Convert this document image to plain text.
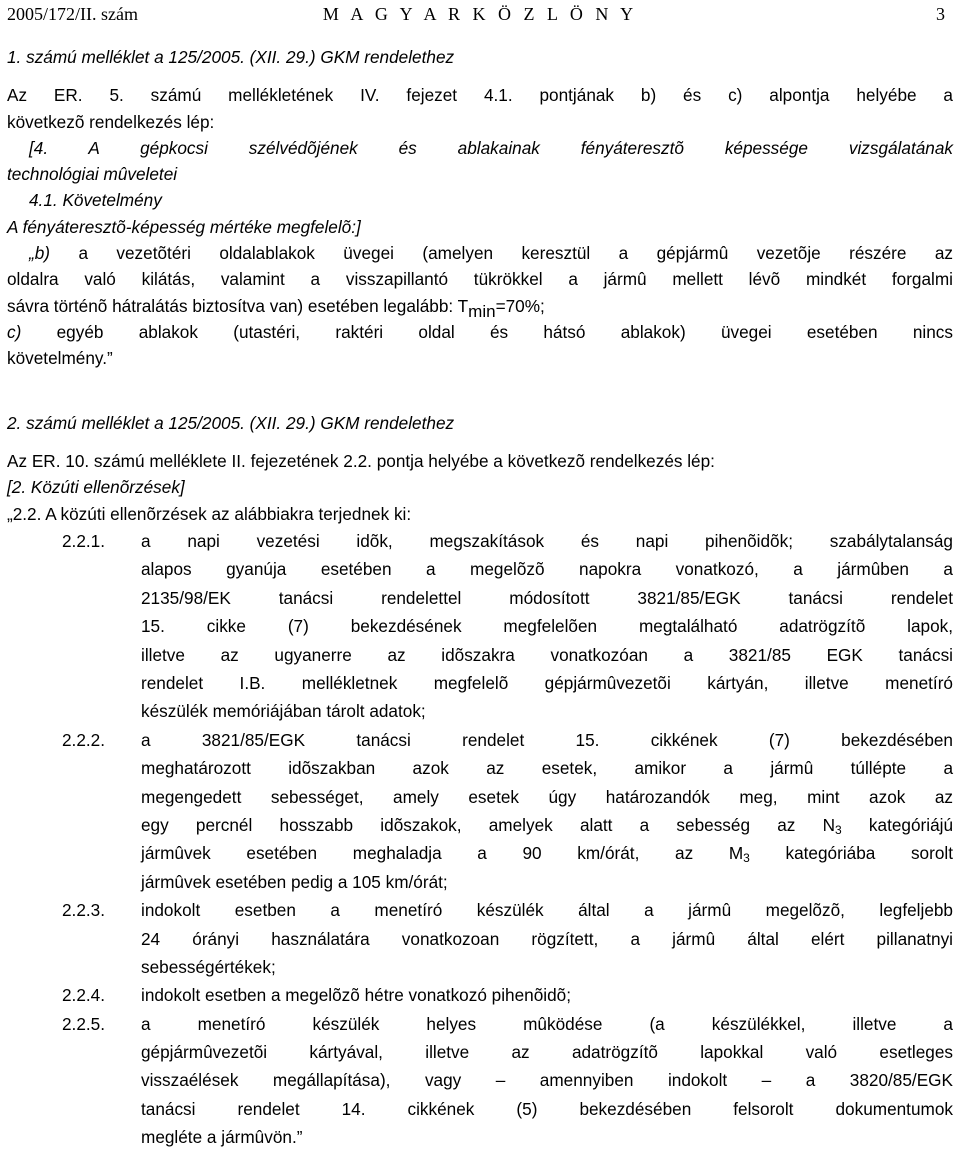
2005/172/II. szám	M A G Y A R K Ö Z L Ö N Y	3
1. számú melléklet a 125/2005. (XII. 29.) GKM rendelethez
Az ER. 5. számú mellékletének IV. fejezet 4.1. pontjának b) és c) alpontja helyébe a
következõ rendelkezés lép:
[4. A gépkocsi szélvédõjének és ablakainak fényáteresztõ képessége vizsgálatának
technológiai mûveletei
4.1. Követelmény
A fényáteresztõ-képesség mértéke megfelelõ:]
„b) a vezetõtéri oldalablakok üvegei (amelyen keresztül a gépjármû vezetõje részére az
oldalra való kilátás, valamint a visszapillantó tükrökkel a jármû mellett lévõ mindkét forgalmi
sávra történõ hátralátás biztosítva van) esetében legalább: $T_{min}=70\%$;
c) egyéb ablakok (utastéri, raktéri oldal és hátsó ablakok) üvegei esetében nincs
követelmény.”
2. számú melléklet a 125/2005. (XII. 29.) GKM rendelethez
Az ER. 10. számú melléklete II. fejezetének 2.2. pontja helyébe a következõ rendelkezés lép:
[2. Közúti ellenõrzések]
„2.2. A közúti ellenõrzések az alábbiakra terjednek ki:
2.2.1. a napi vezetési idõk, megszakítások és napi pihenõidõk; szabálytalanság
alapos gyanúja esetében a megelõzõ napokra vonatkozó, a jármûben a
2135/98/EK tanácsi rendelettel módosított 3821/85/EGK tanácsi rendelet
15. cikke (7) bekezdésének megfelelõen megtalálható adatrögzítõ lapok,
illetve az ugyanerre az idõszakra vonatkozóan a 3821/85 EGK tanácsi
rendelet I.B. mellékletnek megfelelõ gépjármûvezetõi kártyán, illetve menetíró
készülék memóriájában tárolt adatok;
2.2.2. a 3821/85/EGK tanácsi rendelet 15. cikkének (7) bekezdésében
meghatározott idõszakban azok az esetek, amikor a jármû túllépte a
megengedett sebességet, amely esetek úgy határozandók meg, mint azok az
egy percnél hosszabb idõszakok, amelyek alatt a sebesség az $N_3$ kategóriájú
jármûvek esetében meghaladja a 90 km/órát, az $M_3$ kategóriába sorolt
jármûvek esetében pedig a 105 km/órát;
2.2.3. indokolt esetben a menetíró készülék által a jármû megelõzõ, legfeljebb
24 órányi használatára vonatkozoan rögzített, a jármû által elért pillanatnyi
sebességértékek;
2.2.4. indokolt esetben a megelõzõ hétre vonatkozó pihenõidõ;
2.2.5. a menetíró készülék helyes mûködése (a készülékkel, illetve a
gépjármûvezetõi kártyával, illetve az adatrögzítõ lapokkal való esetleges
visszaélések megállapítása), vagy – amennyiben indokolt – a 3820/85/EGK
tanácsi rendelet 14. cikkének (5) bekezdésében felsorolt dokumentumok
megléte a jármûvön.”
